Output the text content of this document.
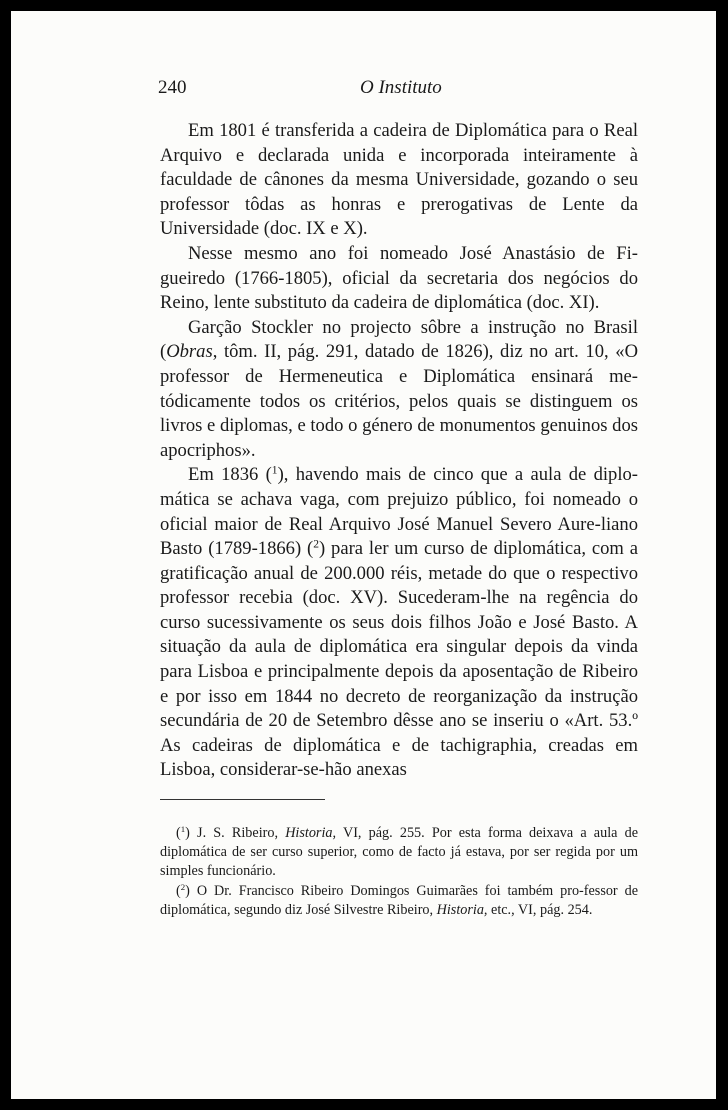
240	O Instituto

Em 1801 é transferida a cadeira de Diplomática para o Real Arquivo e declarada unida e incorporada inteiramente à faculdade de cânones da mesma Universidade, gozando o seu professor tôdas as honras e prerogativas de Lente da Universidade (doc. IX e X).

Nesse mesmo ano foi nomeado José Anastásio de Fi-gueiredo (1766-1805), oficial da secretaria dos negócios do Reino, lente substituto da cadeira de diplomática (doc. XI).

Garção Stockler no projecto sôbre a instrução no Brasil (Obras, tôm. II, pág. 291, datado de 1826), diz no art. 10, «O professor de Hermeneutica e Diplomática ensinará me-tódicamente todos os critérios, pelos quais se distinguem os livros e diplomas, e todo o género de monumentos genuinos dos apocriphos».

Em 1836 ($^1$), havendo mais de cinco que a aula de diplo-mática se achava vaga, com prejuizo público, foi nomeado o oficial maior de Real Arquivo José Manuel Severo Aure-liano Basto (1789-1866) ($^2$) para ler um curso de diplomática, com a gratificação anual de 200.000 réis, metade do que o respectivo professor recebia (doc. XV). Sucederam-lhe na regência do curso sucessivamente os seus dois filhos João e José Basto. A situação da aula de diplomática era singular depois da vinda para Lisboa e principalmente depois da aposentação de Ribeiro e por isso em 1844 no decreto de reorganização da instrução secundária de 20 de Setembro dêsse ano se inseriu o «Art. 53.º As cadeiras de diplomática e de tachigraphia, creadas em Lisboa, considerar-se-hão anexas

($^1$) J. S. Ribeiro, Historia, VI, pág. 255. Por esta forma deixava a aula de diplomática de ser curso superior, como de facto já estava, por ser regida por um simples funcionário.

($^2$) O Dr. Francisco Ribeiro Domingos Guimarães foi também pro-fessor de diplomática, segundo diz José Silvestre Ribeiro, Historia, etc., VI, pág. 254.
